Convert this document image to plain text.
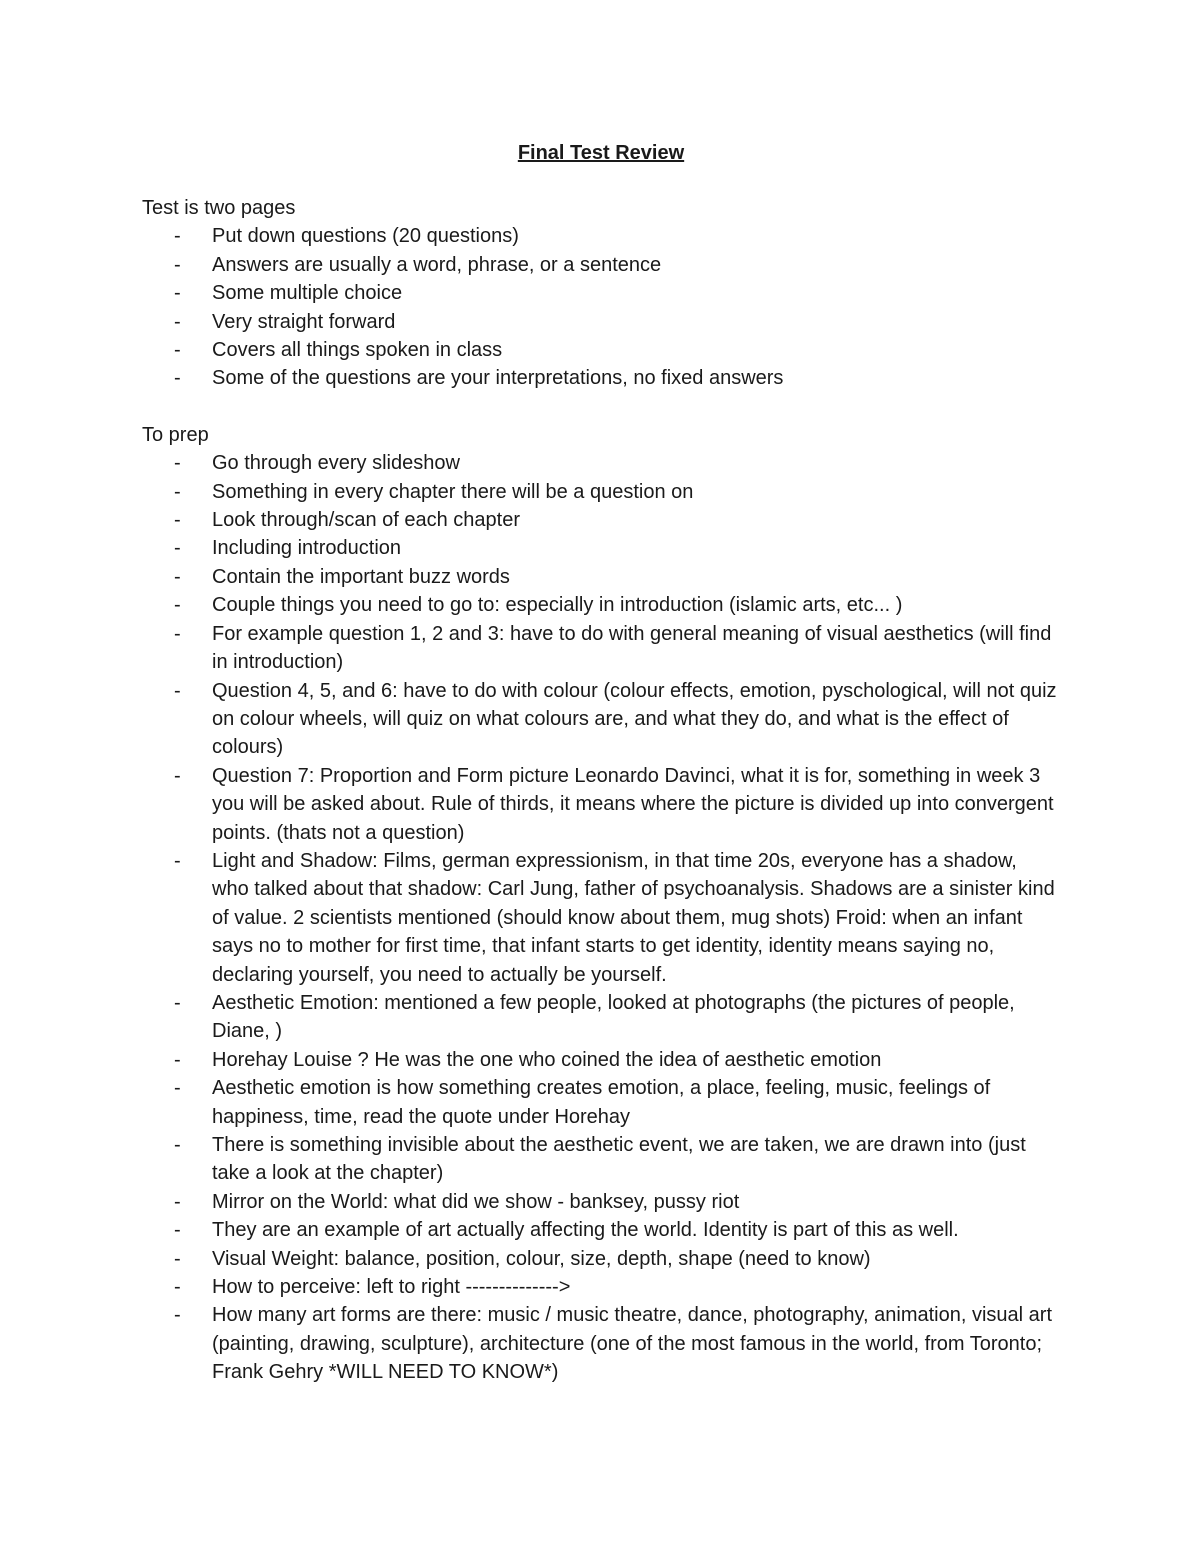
Final Test Review

Test is two pages

- Put down questions (20 questions)
- Answers are usually a word, phrase, or a sentence
- Some multiple choice
- Very straight forward
- Covers all things spoken in class
- Some of the questions are your interpretations, no fixed answers

To prep

- Go through every slideshow
- Something in every chapter there will be a question on
- Look through/scan of each chapter
- Including introduction
- Contain the important buzz words
- Couple things you need to go to: especially in introduction (islamic arts, etc... )
- For example question 1, 2 and 3: have to do with general meaning of visual aesthetics (will find in introduction)
- Question 4, 5, and 6: have to do with colour (colour effects, emotion, pyschological, will not quiz on colour wheels, will quiz on what colours are, and what they do, and what is the effect of colours)
- Question 7: Proportion and Form picture Leonardo Davinci, what it is for, something in week 3 you will be asked about. Rule of thirds, it means where the picture is divided up into convergent points. (thats not a question)
- Light and Shadow: Films, german expressionism, in that time 20s, everyone has a shadow, who talked about that shadow: Carl Jung, father of psychoanalysis. Shadows are a sinister kind of value. 2 scientists mentioned (should know about them, mug shots) Froid: when an infant says no to mother for first time, that infant starts to get identity, identity means saying no, declaring yourself, you need to actually be yourself.
- Aesthetic Emotion: mentioned a few people, looked at photographs (the pictures of people, Diane, )
- Horehay Louise ? He was the one who coined the idea of aesthetic emotion
- Aesthetic emotion is how something creates emotion, a place, feeling, music, feelings of happiness, time, read the quote under Horehay
- There is something invisible about the aesthetic event, we are taken, we are drawn into (just take a look at the chapter)
- Mirror on the World: what did we show - banksey, pussy riot
- They are an example of art actually affecting the world. Identity is part of this as well.
- Visual Weight: balance, position, colour, size, depth, shape (need to know)
- How to perceive: left to right -------------->
- How many art forms are there: music / music theatre, dance, photography, animation, visual art (painting, drawing, sculpture), architecture (one of the most famous in the world, from Toronto; Frank Gehry *WILL NEED TO KNOW*)
